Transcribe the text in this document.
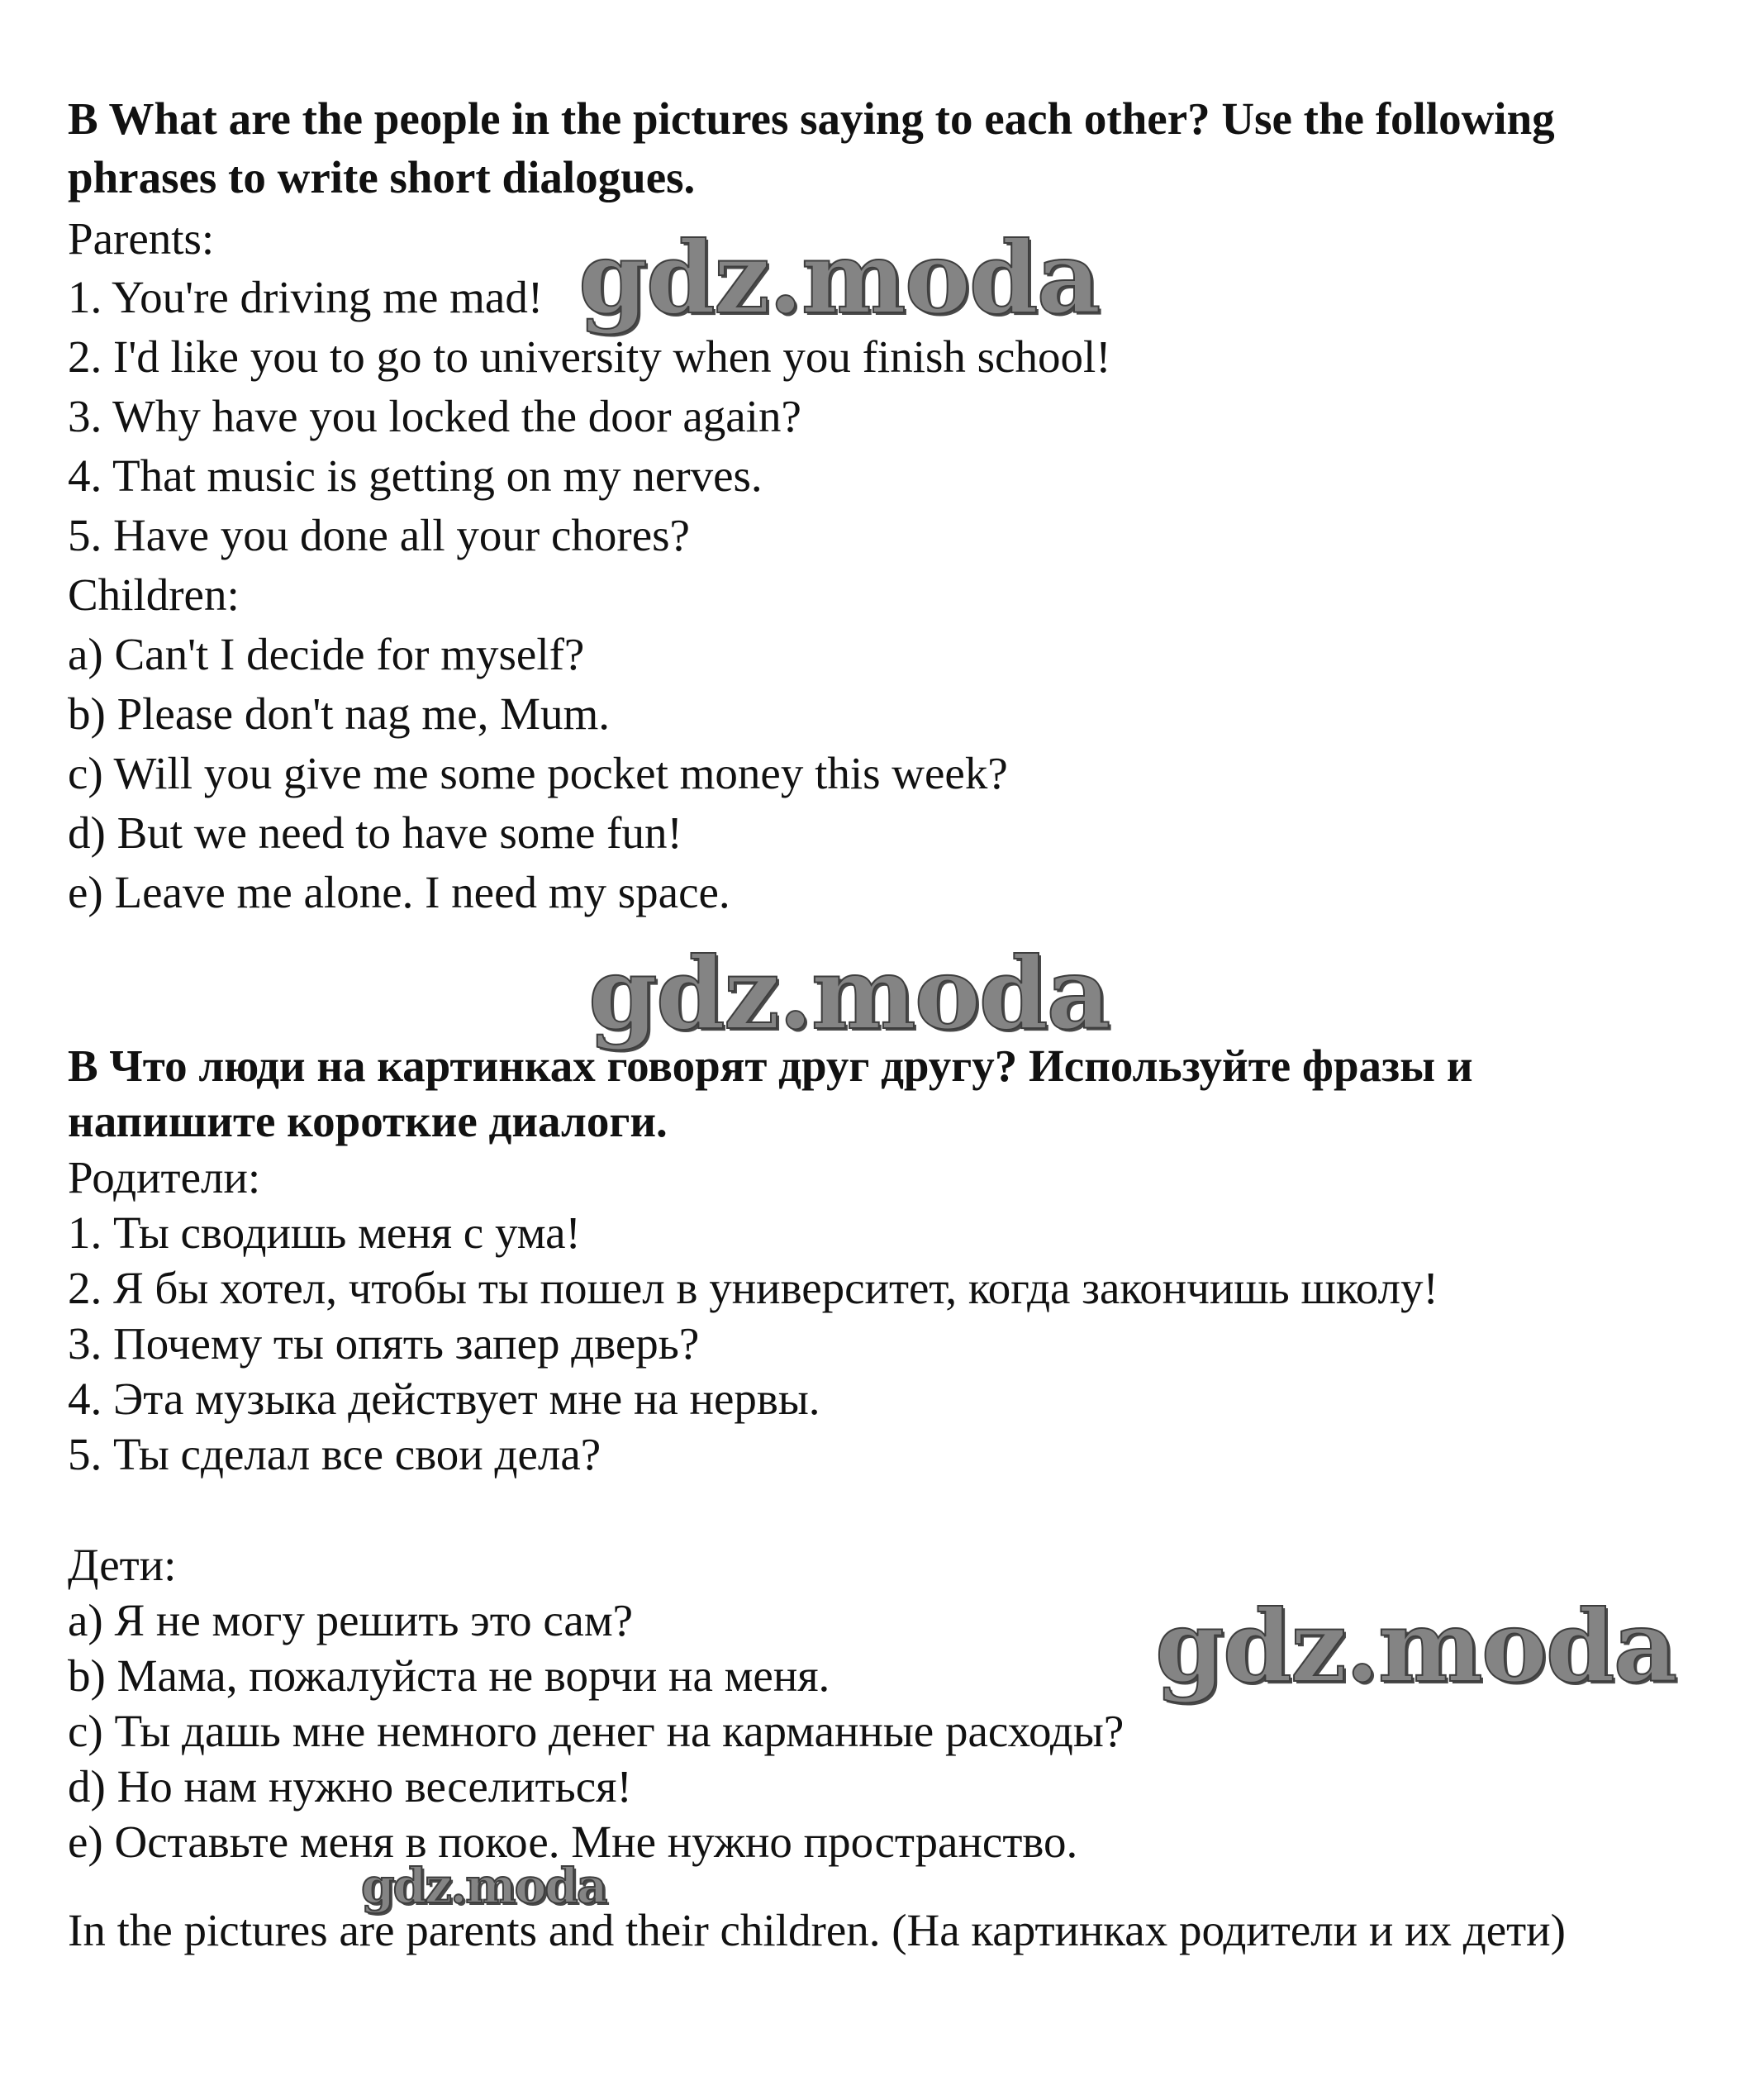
B What are the people in the pictures saying to each other? Use the following

phrases to write short dialogues.

Parents:

1. You're driving me mad!

2. I'd like you to go to university when you finish school!

3. Why have you locked the door again?

4. That music is getting on my nerves.

5. Have you done all your chores?

Children:

a) Can't I decide for myself?

b) Please don't nag me, Mum.

c) Will you give me some pocket money this week?

d) But we need to have some fun!

e) Leave me alone. I need my space.

B Что люди на картинках говорят друг другу? Используйте фразы и

напишите короткие диалоги.

Родители:

1. Ты сводишь меня с ума!

2. Я бы хотел, чтобы ты пошел в университет, когда закончишь школу!

3. Почему ты опять запер дверь?

4. Эта музыка действует мне на нервы.

5. Ты сделал все свои дела?

Дети:

a) Я не могу решить это сам?

b) Мама, пожалуйста не ворчи на меня.

c) Ты дашь мне немного денег на карманные расходы?

d) Но нам нужно веселиться!

e) Оставьте меня в покое. Мне нужно пространство.

In the pictures are parents and their children. (На картинках родители и их дети)

gdz.moda
gdz.moda
gdz.moda
gdz.moda
